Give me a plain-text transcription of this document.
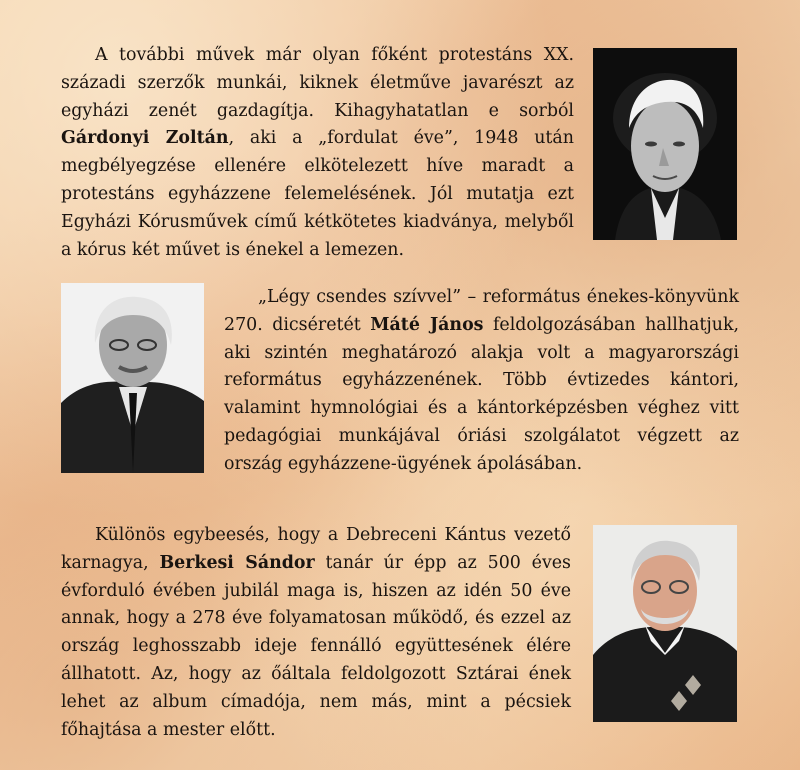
A további művek már olyan főként protestáns XX. századi szerzők munkái, kiknek életműve javarészt az egyházi zenét gazdagítja. Kihagyhatatlan e sorból Gárdonyi Zoltán, aki a „fordulat éve”, 1948 után megbélyegzése ellenére elkötelezett híve maradt a protestáns egyházzene felemelésének. Jól mutatja ezt Egyházi Kórusművek című kétkötetes kiadványa, melyből a kórus két művet is énekel a lemezen.

„Légy csendes szívvel” – református énekes-könyvünk 270. dicséretét Máté János feldolgozásában hallhatjuk, aki szintén meghatározó alakja volt a magyarországi református egyházzenének. Több évtizedes kántori, valamint hymnológiai és a kántorképzésben véghez vitt pedagógiai munkájával óriási szolgálatot végzett az ország egyházzene-ügyének ápolásában.

Különös egybeesés, hogy a Debreceni Kántus vezető karnagya, Berkesi Sándor tanár úr épp az 500 éves évforduló évében jubilál maga is, hiszen az idén 50 éve annak, hogy a 278 éve folyamatosan működő, és ezzel az ország leghosszabb ideje fennálló együttesének élére állhatott. Az, hogy az őáltala feldolgozott Sztárai ének lehet az album címadója, nem más, mint a pécsiek főhajtása a mester előtt.
